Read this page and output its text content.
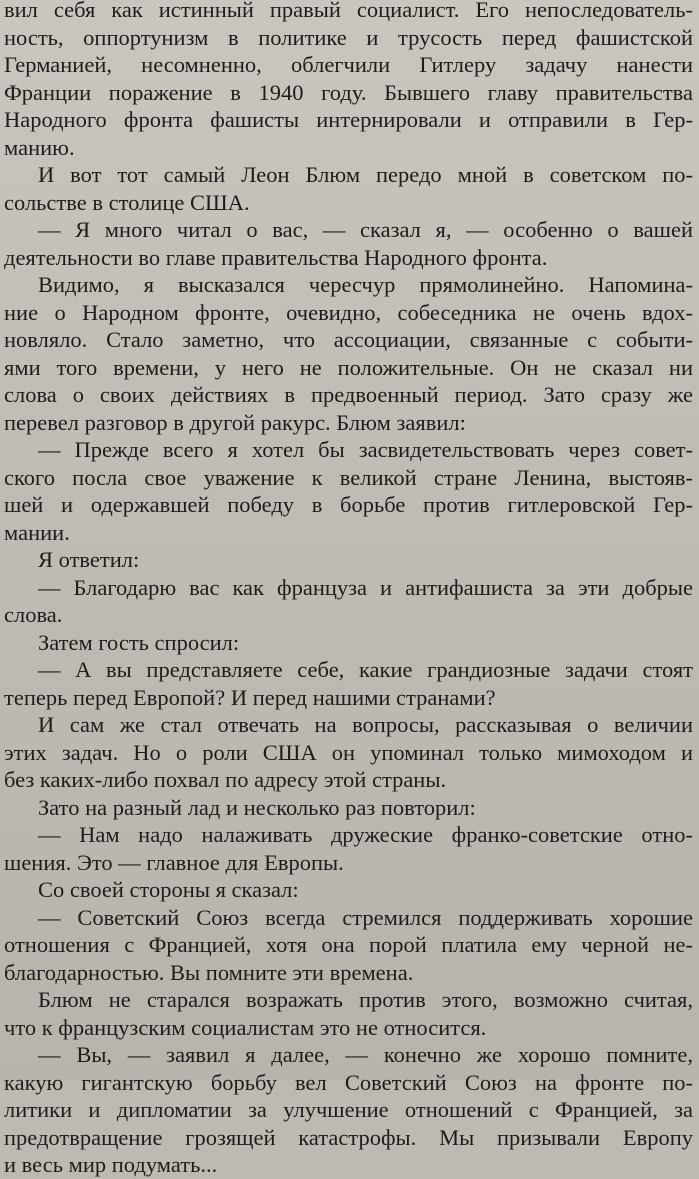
вил себя как истинный правый социалист. Его непоследователь-
ность, оппортунизм в политике и трусость перед фашистской
Германией, несомненно, облегчили Гитлеру задачу нанести
Франции поражение в 1940 году. Бывшего главу правительства
Народного фронта фашисты интернировали и отправили в Гер-
манию.
И вот тот самый Леон Блюм передо мной в советском по-
сольстве в столице США.
— Я много читал о вас, — сказал я, — особенно о вашей
деятельности во главе правительства Народного фронта.
Видимо, я высказался чересчур прямолинейно. Напомина-
ние о Народном фронте, очевидно, собеседника не очень вдох-
новляло. Стало заметно, что ассоциации, связанные с событи-
ями того времени, у него не положительные. Он не сказал ни
слова о своих действиях в предвоенный период. Зато сразу же
перевел разговор в другой ракурс. Блюм заявил:
— Прежде всего я хотел бы засвидетельствовать через совет-
ского посла свое уважение к великой стране Ленина, выстояв-
шей и одержавшей победу в борьбе против гитлеровской Гер-
мании.
Я ответил:
— Благодарю вас как француза и антифашиста за эти добрые
слова.
Затем гость спросил:
— А вы представляете себе, какие грандиозные задачи стоят
теперь перед Европой? И перед нашими странами?
И сам же стал отвечать на вопросы, рассказывая о величии
этих задач. Но о роли США он упоминал только мимоходом и
без каких-либо похвал по адресу этой страны.
Зато на разный лад и несколько раз повторил:
— Нам надо налаживать дружеские франко-советские отно-
шения. Это — главное для Европы.
Со своей стороны я сказал:
— Советский Союз всегда стремился поддерживать хорошие
отношения с Францией, хотя она порой платила ему черной не-
благодарностью. Вы помните эти времена.
Блюм не старался возражать против этого, возможно считая,
что к французским социалистам это не относится.
— Вы, — заявил я далее, — конечно же хорошо помните,
какую гигантскую борьбу вел Советский Союз на фронте по-
литики и дипломатии за улучшение отношений с Францией, за
предотвращение грозящей катастрофы. Мы призывали Европу
и весь мир подумать...
